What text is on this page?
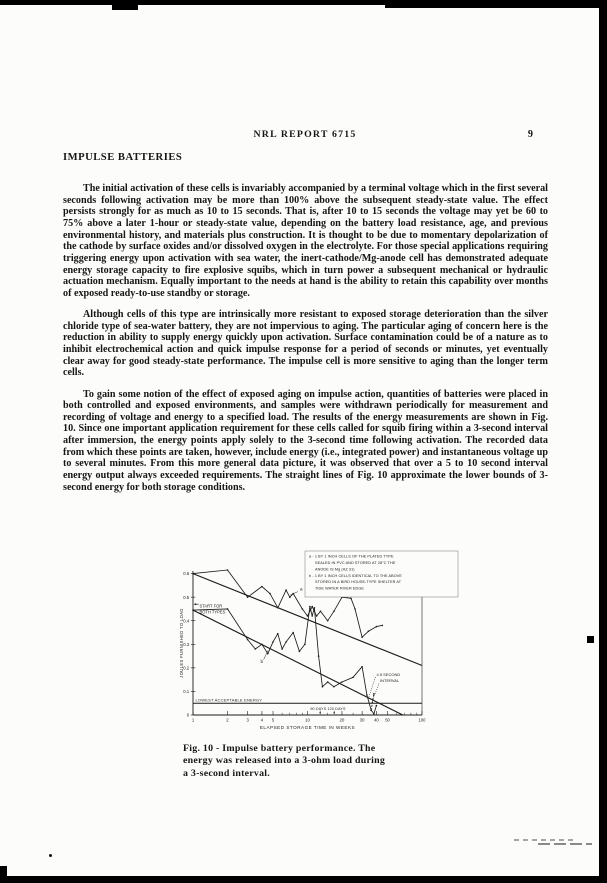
NRL REPORT 6715	9
IMPULSE BATTERIES

The initial activation of these cells is invariably accompanied by a terminal voltage which in the first several seconds following activation may be more than 100% above the subsequent steady-state value. The effect persists strongly for as much as 10 to 15 seconds. That is, after 10 to 15 seconds the voltage may yet be 60 to 75% above a later 1-hour or steady-state value, depending on the battery load resistance, age, and previous environmental history, and materials plus construction. It is thought to be due to momentary depolarization of the cathode by surface oxides and/or dissolved oxygen in the electrolyte. For those special applications requiring triggering energy upon activation with sea water, the inert-cathode/Mg-anode cell has demonstrated adequate energy storage capacity to fire explosive squibs, which in turn power a subsequent mechanical or hydraulic actuation mechanism. Equally important to the needs at hand is the ability to retain this capability over months of exposed ready-to-use standby or storage.

Although cells of this type are intrinsically more resistant to exposed storage deterioration than the silver chloride type of sea-water battery, they are not impervious to aging. The particular aging of concern here is the reduction in ability to supply energy quickly upon activation. Surface contamination could be of a nature as to inhibit electrochemical action and quick impulse response for a period of seconds or minutes, yet eventually clear away for good steady-state performance. The impulse cell is more sensitive to aging than the longer term cells.

To gain some notion of the effect of exposed aging on impulse action, quantities of batteries were placed in both controlled and exposed environments, and samples were withdrawn periodically for measurement and recording of voltage and energy to a specified load. The results of the energy measurements are shown in Fig. 10. Since one important application requirement for these cells called for squib firing within a 3-second interval after immersion, the energy points apply solely to the 3-second time following activation. The recorded data from which these points are taken, however, include energy (i.e., integrated power) and instantaneous voltage up to several minutes. From this more general data picture, it was observed that over a 5 to 10 second interval energy output always exceeded requirements. The straight lines of Fig. 10 approximate the lower bounds of 3-second energy for both storage conditions.

0
0.1
0.2
0.3
0.4
0.5
0.6
1	2	3	4 5	10	20	30 40 50	100
ELAPSED STORAGE TIME IN WEEKS
JOULES FURNISHED TO LOAD
LOWEST ACCEPTABLE ENERGY
a - 1 BY 1 INCH CELLS OF THE PLATED TYPE
SEALED IN PVC AND STORED AT 28°C THE
ANODE IS Mg (AZ 31)
b - 1 BY 1 INCH CELLS IDENTICAL TO THE ABOVE
STORED IN A BIRD HOUSE-TYPE SHELTER AT
TIDE WATER RIVER EDGE
START FOR
BOTH TYPES
90 DAYS 120 DAYS
4.5 SECOND
INTERVAL
a
b
Fig. 10 - Impulse battery performance. The
energy was released into a 3-ohm load during
a 3-second interval.
